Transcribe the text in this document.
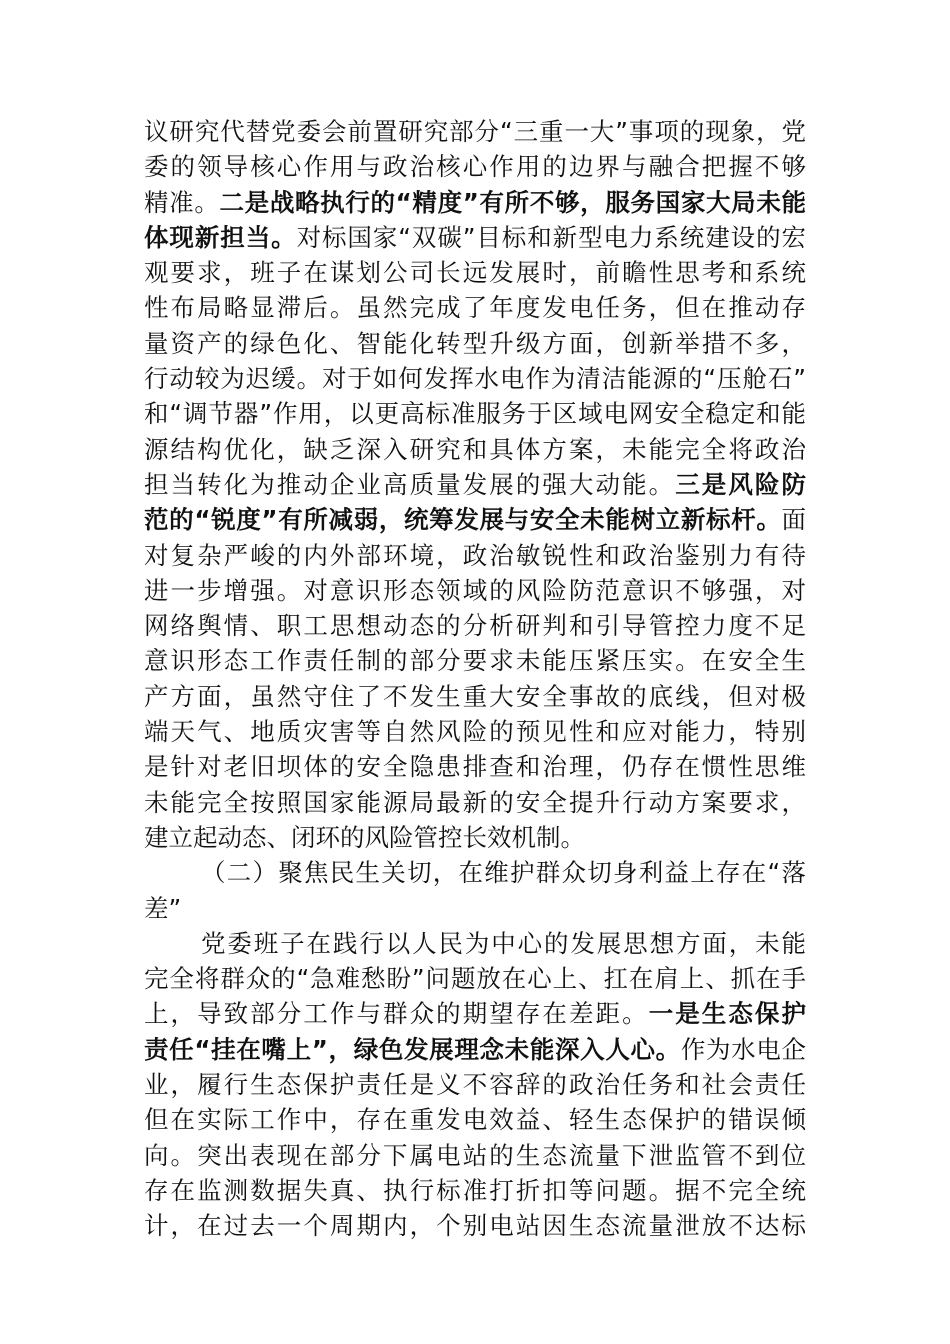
议研究代替党委会前置研究部分“三重一大”事项的现象，党
委的领导核心作用与政治核心作用的边界与融合把握不够
精准。二是战略执行的“精度”有所不够，服务国家大局未能
体现新担当。对标国家“双碳”目标和新型电力系统建设的宏
观要求，班子在谋划公司长远发展时，前瞻性思考和系统
性布局略显滞后。虽然完成了年度发电任务，但在推动存
量资产的绿色化、智能化转型升级方面，创新举措不多，
行动较为迟缓。对于如何发挥水电作为清洁能源的“压舱石”
和“调节器”作用，以更高标准服务于区域电网安全稳定和能
源结构优化，缺乏深入研究和具体方案，未能完全将政治
担当转化为推动企业高质量发展的强大动能。三是风险防
范的“锐度”有所减弱，统筹发展与安全未能树立新标杆。面
对复杂严峻的内外部环境，政治敏锐性和政治鉴别力有待
进一步增强。对意识形态领域的风险防范意识不够强，对
网络舆情、职工思想动态的分析研判和引导管控力度不足
意识形态工作责任制的部分要求未能压紧压实。在安全生
产方面，虽然守住了不发生重大安全事故的底线，但对极
端天气、地质灾害等自然风险的预见性和应对能力，特别
是针对老旧坝体的安全隐患排查和治理，仍存在惯性思维
未能完全按照国家能源局最新的安全提升行动方案要求，
建立起动态、闭环的风险管控长效机制。
（二）聚焦民生关切，在维护群众切身利益上存在“落
差”
党委班子在践行以人民为中心的发展思想方面，未能
完全将群众的“急难愁盼”问题放在心上、扛在肩上、抓在手
上，导致部分工作与群众的期望存在差距。一是生态保护
责任“挂在嘴上”，绿色发展理念未能深入人心。作为水电企
业，履行生态保护责任是义不容辞的政治任务和社会责任
但在实际工作中，存在重发电效益、轻生态保护的错误倾
向。突出表现在部分下属电站的生态流量下泄监管不到位
存在监测数据失真、执行标准打折扣等问题。据不完全统
计，在过去一个周期内，个别电站因生态流量泄放不达标
